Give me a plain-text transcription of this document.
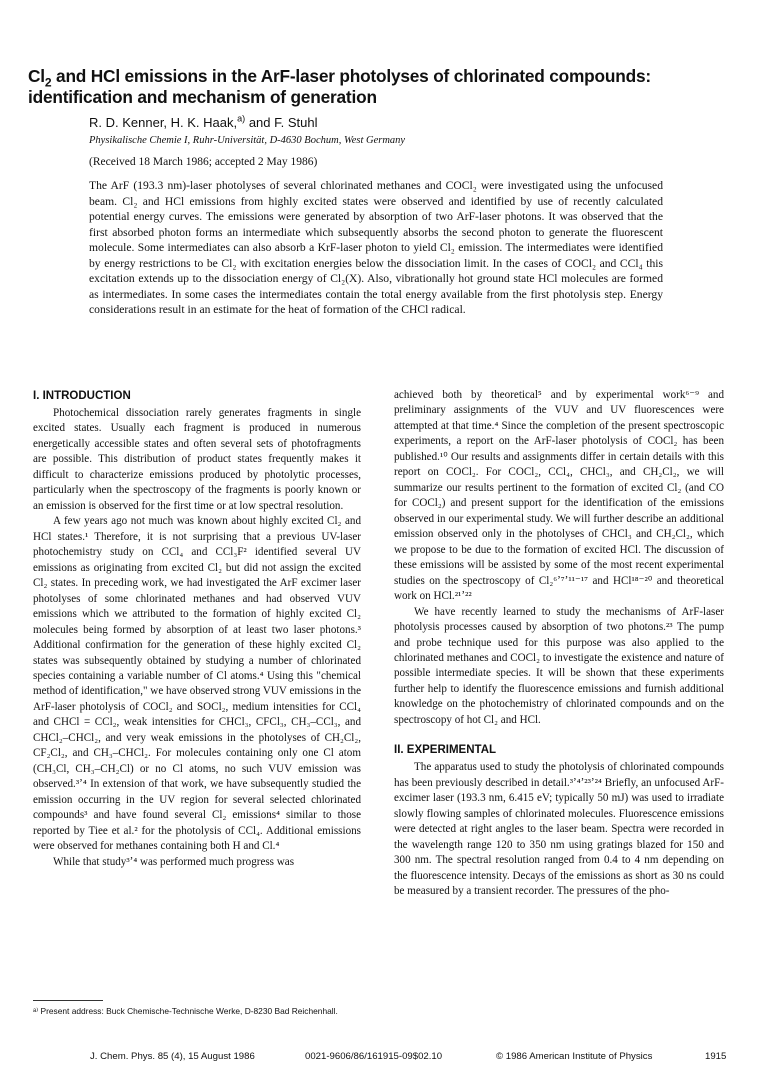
$Cl_2$ and HCl emissions in the ArF-laser photolyses of chlorinated compounds: identification and mechanism of generation
R. D. Kenner, H. K. Haak,$^{a)}$ and F. Stuhl
Physikalische Chemie I, Ruhr-Universität, D-4630 Bochum, West Germany
(Received 18 March 1986; accepted 2 May 1986)
The ArF (193.3 nm)-laser photolyses of several chlorinated methanes and COCl₂ were investigated using the unfocused beam. Cl₂ and HCl emissions from highly excited states were observed and identified by use of recently calculated potential energy curves. The emissions were generated by absorption of two ArF-laser photons. It was observed that the first absorbed photon forms an intermediate which subsequently absorbs the second photon to generate the fluorescent molecule. Some intermediates can also absorb a KrF-laser photon to yield Cl₂ emission. The intermediates were identified by energy restrictions to be Cl₂ with excitation energies below the dissociation limit. In the cases of COCl₂ and CCl₄ this excitation extends up to the dissociation energy of Cl₂(X). Also, vibrationally hot ground state HCl molecules are formed as intermediates. In some cases the intermediates contain the total energy available from the first photolysis step. Energy considerations result in an estimate for the heat of formation of the CHCl radical.
I. INTRODUCTION

Photochemical dissociation rarely generates fragments in single excited states. Usually each fragment is produced in numerous energetically accessible states and often several sets of photofragments are possible. This distribution of product states frequently makes it difficult to characterize emissions produced by photolytic processes, particularly when the spectroscopy of the fragments is poorly known or an emission is observed for the first time or at low spectral resolution.

A few years ago not much was known about highly excited Cl₂ and HCl states.¹ Therefore, it is not surprising that a previous UV-laser photochemistry study on CCl₄ and CCl₃F² identified several UV emissions as originating from excited Cl₂ but did not assign the excited Cl₂ states. In preceding work, we had investigated the ArF excimer laser photolyses of some chlorinated methanes and had observed VUV emissions which we attributed to the formation of highly excited Cl₂ molecules being formed by absorption of at least two laser photons.³ Additional confirmation for the generation of these highly excited Cl₂ states was subsequently obtained by studying a number of chlorinated species containing a variable number of Cl atoms.⁴ Using this "chemical method of identification," we have observed strong VUV emissions in the ArF-laser photolysis of COCl₂ and SOCl₂, medium intensities for CCl₄ and CHCl = CCl₂, weak intensities for CHCl₃, CFCl₃, CH₃–CCl₃, and CHCl₂–CHCl₂, and very weak emissions in the photolyses of CH₂Cl₂, CF₂Cl₂, and CH₃–CHCl₂. For molecules containing only one Cl atom (CH₃Cl, CH₃–CH₂Cl) or no Cl atoms, no such VUV emission was observed.³ʼ⁴ In extension of that work, we have subsequently studied the emission occurring in the UV region for several selected chlorinated compounds³ and have found several Cl₂ emissions⁴ similar to those reported by Tiee et al.² for the photolysis of CCl₄. Additional emissions were observed for methanes containing both H and Cl.⁴

While that study³ʼ⁴ was performed much progress was

achieved both by theoretical⁵ and by experimental work⁶⁻⁹ and preliminary assignments of the VUV and UV fluorescences were attempted at that time.⁴ Since the completion of the present spectroscopic experiments, a report on the ArF-laser photolysis of COCl₂ has been published.¹⁰ Our results and assignments differ in certain details with this report on COCl₂. For COCl₂, CCl₄, CHCl₃, and CH₂Cl₂, we will summarize our results pertinent to the formation of excited Cl₂ (and CO for COCl₂) and present support for the identification of the emissions observed in our experimental study. We will further describe an additional emission observed only in the photolyses of CHCl₃ and CH₂Cl₂, which we propose to be due to the formation of excited HCl. The discussion of these emissions will be assisted by some of the most recent experimental studies on the spectroscopy of Cl₂⁶ʼ⁷ʼ¹¹⁻¹⁷ and HCl¹⁸⁻²⁰ and theoretical work on HCl.²¹ʼ²²

We have recently learned to study the mechanisms of ArF-laser photolysis processes caused by absorption of two photons.²³ The pump and probe technique used for this purpose was also applied to the chlorinated methanes and COCl₂ to investigate the existence and nature of possible intermediate species. It will be shown that these experiments further help to identify the fluorescence emissions and furnish additional knowledge on the photochemistry of chlorinated compounds and on the spectroscopy of hot Cl₂ and HCl.

II. EXPERIMENTAL

The apparatus used to study the photolysis of chlorinated compounds has been previously described in detail.³ʼ⁴ʼ²³ʼ²⁴ Briefly, an unfocused ArF-excimer laser (193.3 nm, 6.415 eV; typically 50 mJ) was used to irradiate slowly flowing samples of chlorinated molecules. Fluorescence emissions were detected at right angles to the laser beam. Spectra were recorded in the wavelength range 120 to 350 nm using gratings blazed for 150 and 300 nm. The spectral resolution ranged from 0.4 to 4 nm depending on the fluorescence intensity. Decays of the emissions as short as 30 ns could be measured by a transient recorder. The pressures of the pho-

ᵃ⁾ Present address: Buck Chemische-Technische Werke, D-8230 Bad Reichenhall.
J. Chem. Phys. 85 (4), 15 August 1986	0021-9606/86/161915-09$02.10	© 1986 American Institute of Physics	1915
